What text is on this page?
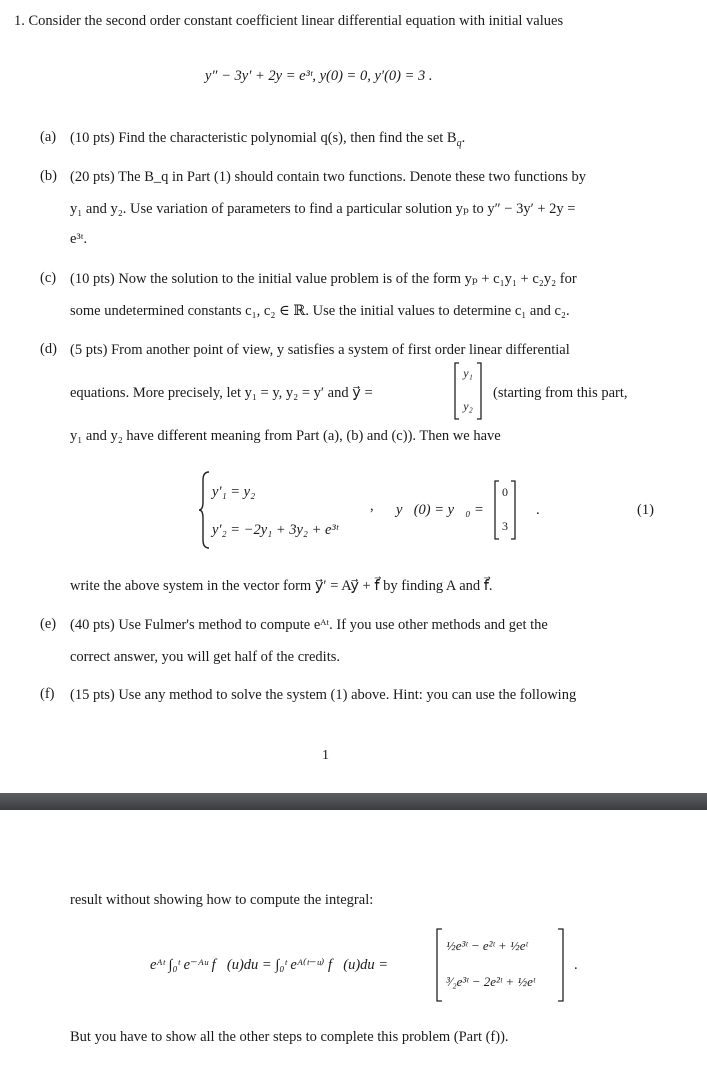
1. Consider the second order constant coefficient linear differential equation with initial values
y″ − 3y′ + 2y = e³ᵗ, y(0) = 0, y′(0) = 3 .
(a) (10 pts) Find the characteristic polynomial q(s), then find the set $B_q$.
(b) (20 pts) The B_q in Part (1) should contain two functions. Denote these two functions by
y₁ and y₂. Use variation of parameters to find a particular solution yₚ to y″ − 3y′ + 2y =
e³ᵗ.
(c) (10 pts) Now the solution to the initial value problem is of the form yₚ + c₁y₁ + c₂y₂ for
some undetermined constants c₁, c₂ ∈ ℝ. Use the initial values to determine c₁ and c₂.
(d) (5 pts) From another point of view, y satisfies a system of first order linear differential
equations. More precisely, let y₁ = y, y₂ = y′ and y⃗ =
y₁
y₂
(starting from this part,
y₁ and y₂ have different meaning from Part (a), (b) and (c)). Then we have
y′₁ = y₂
y′₂ = −2y₁ + 3y₂ + e³ᵗ
, y⃗(0) = y⃗₀ =
0
3
.	(1)
write the above system in the vector form y⃗′ = Ay⃗ + f⃗ by finding A and f⃗.
(e) (40 pts) Use Fulmer's method to compute eᴬᵗ. If you use other methods and get the
correct answer, you will get half of the credits.
(f) (15 pts) Use any method to solve the system (1) above. Hint: you can use the following
1
result without showing how to compute the integral:
eᴬᵗ ∫₀ᵗ e⁻ᴬᵘ f⃗(u)du = ∫₀ᵗ eᴬ⁽ᵗ⁻ᵘ⁾ f⃗(u)du =
½e³ᵗ − e²ᵗ + ½eᵗ
³⁄₂e³ᵗ − 2e²ᵗ + ½eᵗ
.
But you have to show all the other steps to complete this problem (Part (f)).
